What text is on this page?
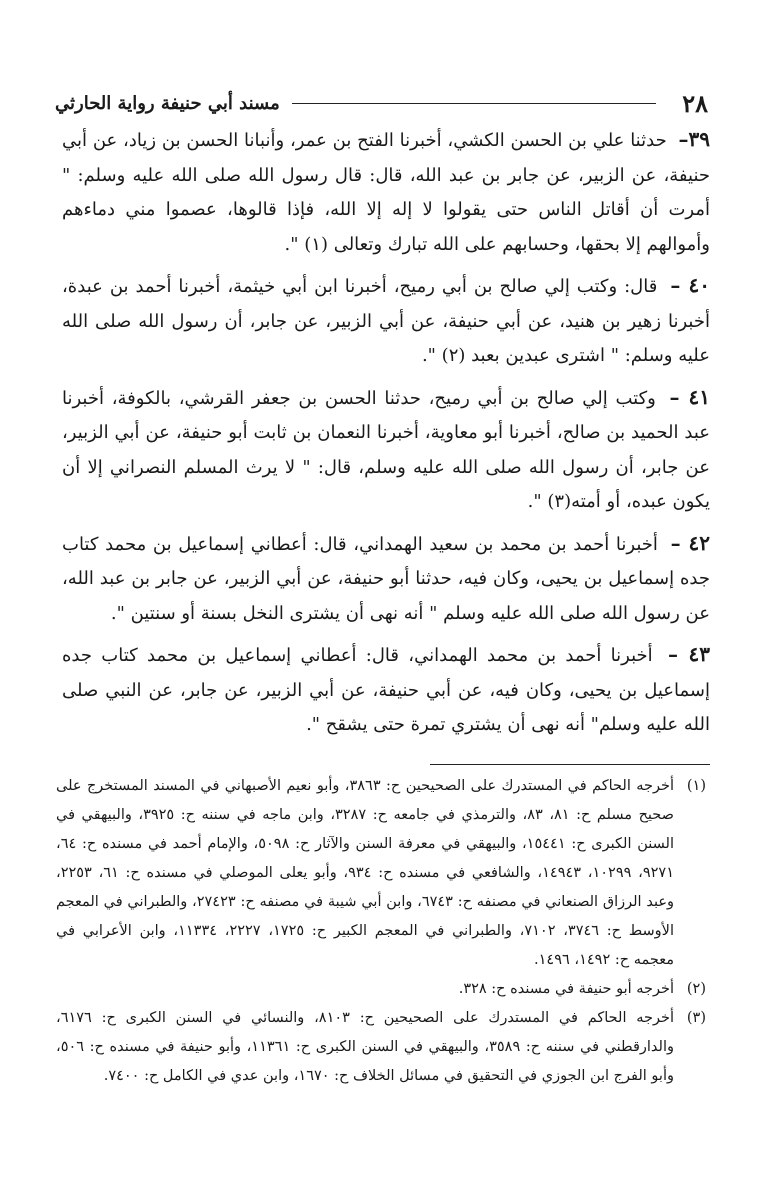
٢٨
مسند أبي حنيفة رواية الحارثي

٣٩– حدثنا علي بن الحسن الكشي، أخبرنا الفتح بن عمر، وأنبانا الحسن بن زياد، عن أبي حنيفة، عن الزبير، عن جابر بن عبد الله، قال: قال رسول الله صلى الله عليه وسلم: " أمرت أن أقاتل الناس حتى يقولوا لا إله إلا الله، فإذا قالوها، عصموا مني دماءهم وأموالهم إلا بحقها، وحسابهم على الله تبارك وتعالى (١) ".

٤٠ – قال: وكتب إلي صالح بن أبي رميح، أخبرنا ابن أبي خيثمة، أخبرنا أحمد بن عبدة، أخبرنا زهير بن هنيد، عن أبي حنيفة، عن أبي الزبير، عن جابر، أن رسول الله صلى الله عليه وسلم: " اشترى عبدين بعبد (٢) ".

٤١ – وكتب إلي صالح بن أبي رميح، حدثنا الحسن بن جعفر القرشي، بالكوفة، أخبرنا عبد الحميد بن صالح، أخبرنا أبو معاوية، أخبرنا النعمان بن ثابت أبو حنيفة، عن أبي الزبير، عن جابر، أن رسول الله صلى الله عليه وسلم، قال: " لا يرث المسلم النصراني إلا أن يكون عبده، أو أمته(٣) ".

٤٢ – أخبرنا أحمد بن محمد بن سعيد الهمداني، قال: أعطاني إسماعيل بن محمد كتاب جده إسماعيل بن يحيى، وكان فيه، حدثنا أبو حنيفة، عن أبي الزبير، عن جابر بن عبد الله، عن رسول الله صلى الله عليه وسلم " أنه نهى أن يشترى النخل بسنة أو سنتين ".

٤٣ – أخبرنا أحمد بن محمد الهمداني، قال: أعطاني إسماعيل بن محمد كتاب جده إسماعيل بن يحيى، وكان فيه، عن أبي حنيفة، عن أبي الزبير، عن جابر، عن النبي صلى الله عليه وسلم" أنه نهى أن يشتري تمرة حتى يشقح ".

(١)
أخرجه الحاكم في المستدرك على الصحيحين ح: ٣٨٦٣، وأبو نعيم الأصبهاني في المسند المستخرج على صحيح مسلم ح: ٨١، ٨٣، والترمذي في جامعه ح: ٣٢٨٧، وابن ماجه في سننه ح: ٣٩٢٥، والبيهقي في السنن الكبرى ح: ١٥٤٤١، والبيهقي في معرفة السنن والآثار ح: ٥٠٩٨، والإمام أحمد في مسنده ح: ٦٤، ٩٢٧١، ١٠٢٩٩، ١٤٩٤٣، والشافعي في مسنده ح: ٩٣٤، وأبو يعلى الموصلي في مسنده ح: ٦١، ٢٢٥٣، وعبد الرزاق الصنعاني في مصنفه ح: ٦٧٤٣، وابن أبي شيبة في مصنفه ح: ٢٧٤٢٣، والطبراني في المعجم الأوسط ح: ٣٧٤٦، ٧١٠٢، والطبراني في المعجم الكبير ح: ١٧٢٥، ٢٢٢٧، ١١٣٣٤، وابن الأعرابي في معجمه ح: ١٤٩٢، ١٤٩٦.

(٢)
أخرجه أبو حنيفة في مسنده ح: ٣٢٨.

(٣)
أخرجه الحاكم في المستدرك على الصحيحين ح: ٨١٠٣، والنسائي في السنن الكبرى ح: ٦١٧٦، والدارقطني في سننه ح: ٣٥٨٩، والبيهقي في السنن الكبرى ح: ١١٣٦١، وأبو حنيفة في مسنده ح: ٥٠٦، وأبو الفرج ابن الجوزي في التحقيق في مسائل الخلاف ح: ١٦٧٠، وابن عدي في الكامل ح: ٧٤٠٠.
